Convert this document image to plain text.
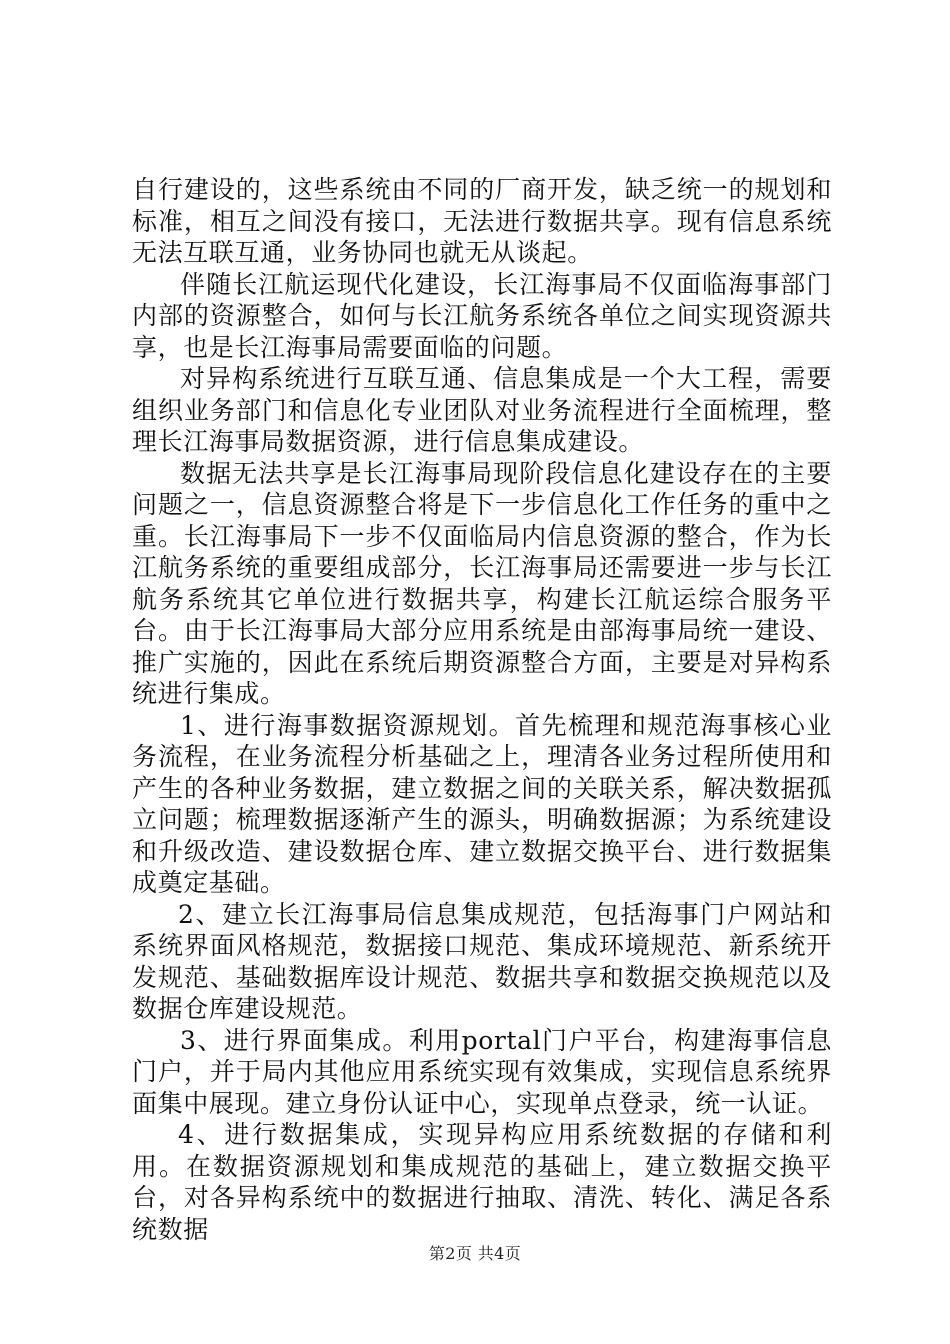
自行建设的，这些系统由不同的厂商开发，缺乏统一的规划和标准，相互之间没有接口，无法进行数据共享。现有信息系统无法互联互通，业务协同也就无从谈起。

伴随长江航运现代化建设，长江海事局不仅面临海事部门内部的资源整合，如何与长江航务系统各单位之间实现资源共享，也是长江海事局需要面临的问题。

对异构系统进行互联互通、信息集成是一个大工程，需要组织业务部门和信息化专业团队对业务流程进行全面梳理，整理长江海事局数据资源，进行信息集成建设。

数据无法共享是长江海事局现阶段信息化建设存在的主要问题之一，信息资源整合将是下一步信息化工作任务的重中之重。长江海事局下一步不仅面临局内信息资源的整合，作为长江航务系统的重要组成部分，长江海事局还需要进一步与长江航务系统其它单位进行数据共享，构建长江航运综合服务平台。由于长江海事局大部分应用系统是由部海事局统一建设、推广实施的，因此在系统后期资源整合方面，主要是对异构系统进行集成。

1、进行海事数据资源规划。首先梳理和规范海事核心业务流程，在业务流程分析基础之上，理清各业务过程所使用和产生的各种业务数据，建立数据之间的关联关系，解决数据孤立问题；梳理数据逐渐产生的源头，明确数据源；为系统建设和升级改造、建设数据仓库、建立数据交换平台、进行数据集成奠定基础。

2、建立长江海事局信息集成规范，包括海事门户网站和系统界面风格规范，数据接口规范、集成环境规范、新系统开发规范、基础数据库设计规范、数据共享和数据交换规范以及数据仓库建设规范。

3、进行界面集成。利用portal门户平台，构建海事信息门户，并于局内其他应用系统实现有效集成，实现信息系统界面集中展现。建立身份认证中心，实现单点登录，统一认证。

4、进行数据集成，实现异构应用系统数据的存储和利用。在数据资源规划和集成规范的基础上，建立数据交换平台，对各异构系统中的数据进行抽取、清洗、转化、满足各系统数据

第2页 共4页
